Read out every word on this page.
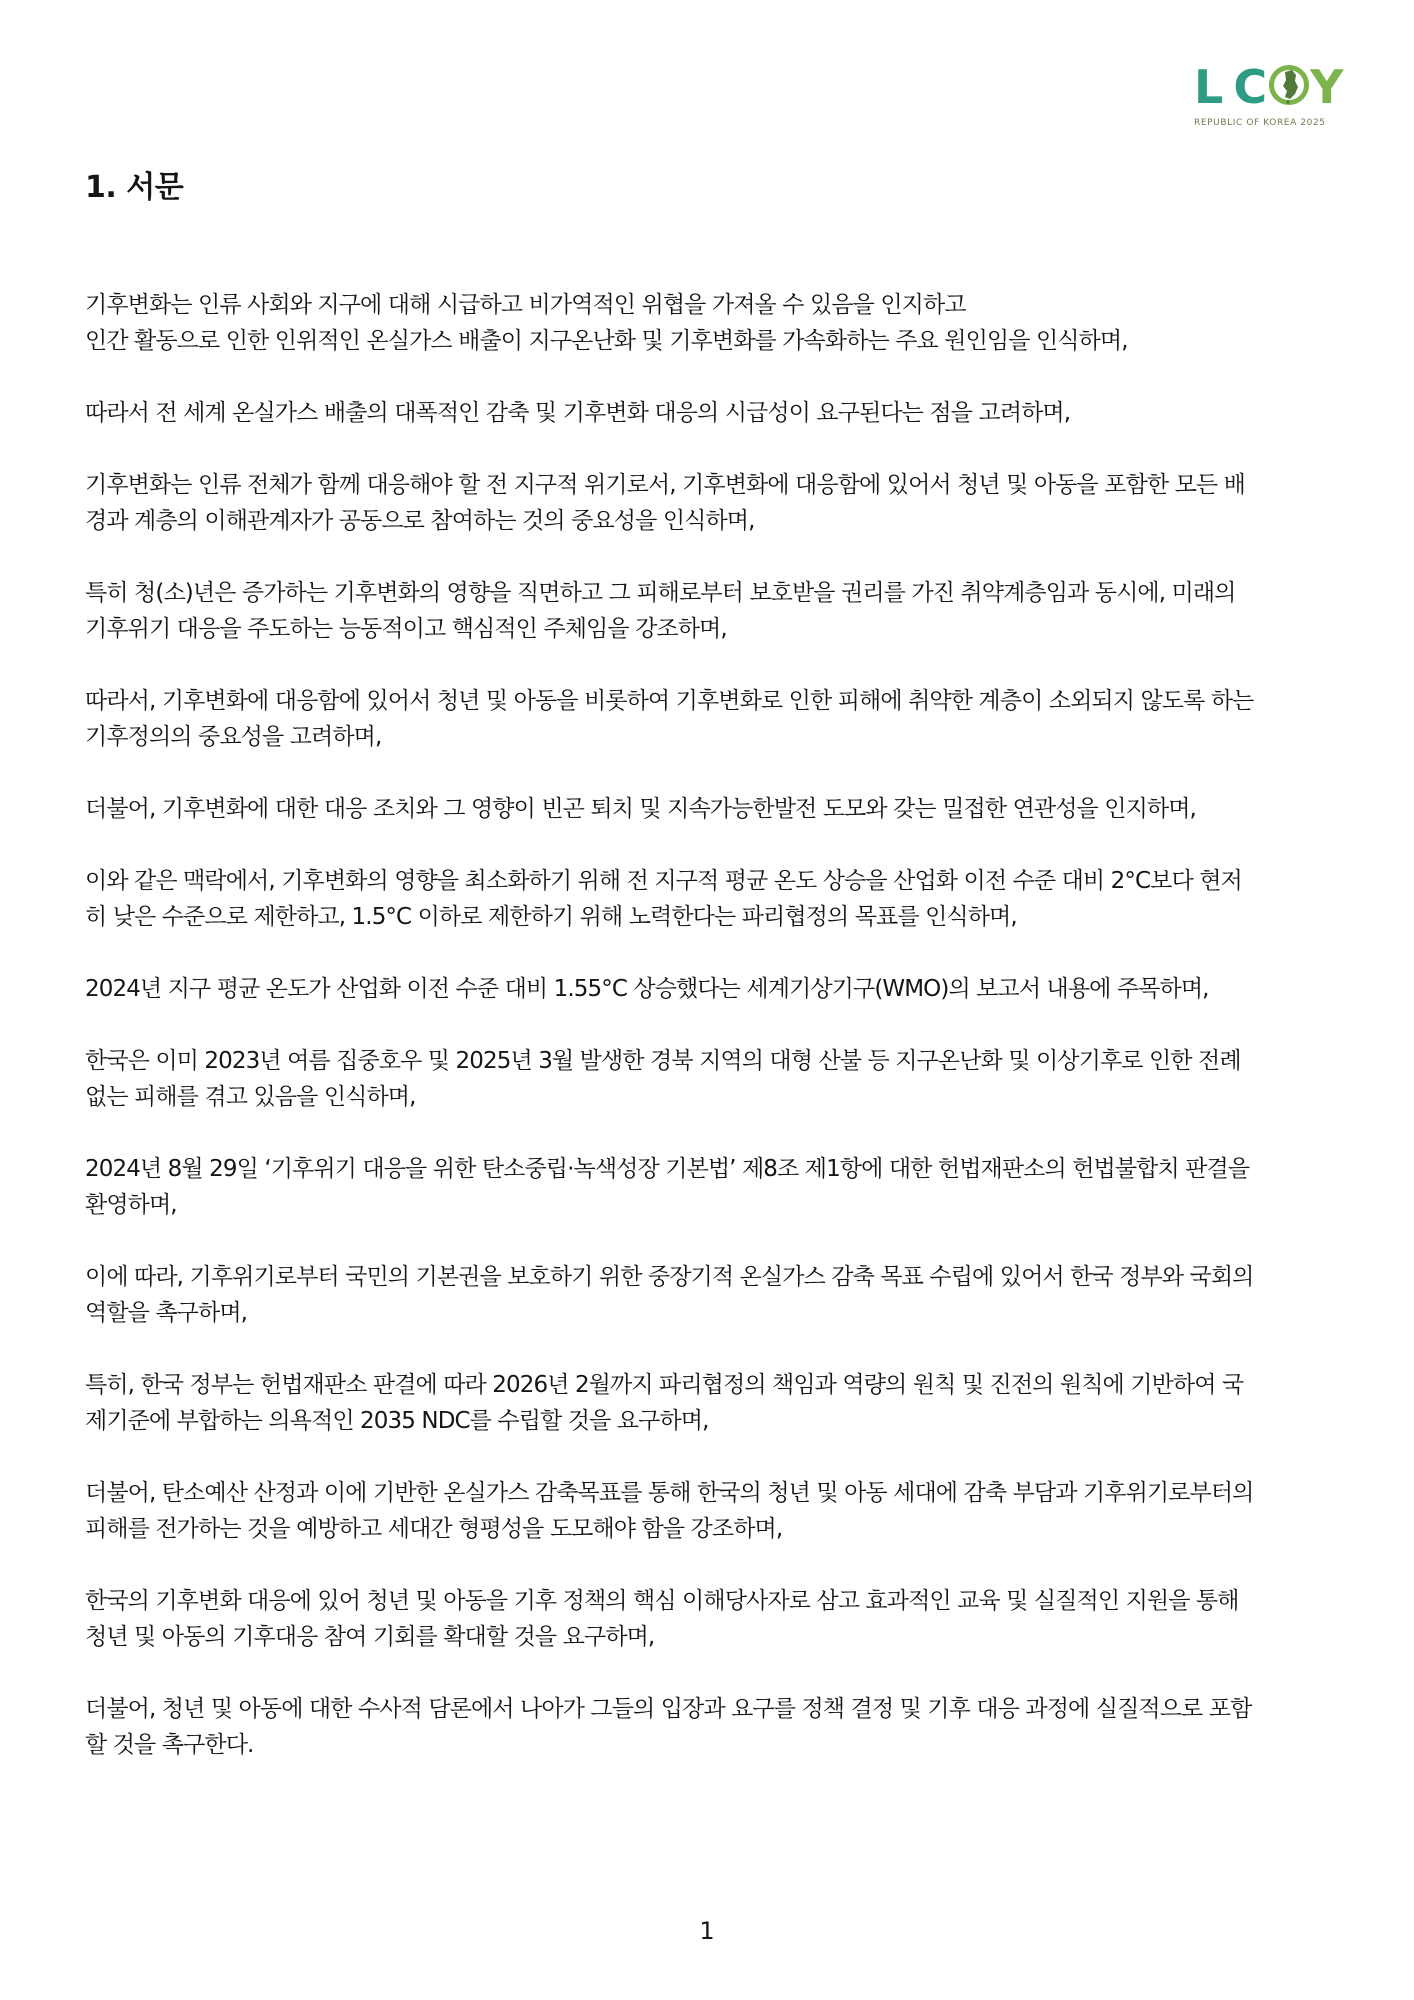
L C Y
REPUBLIC OF KOREA 2025
1. 서문

기후변화는 인류 사회와 지구에 대해 시급하고 비가역적인 위협을 가져올 수 있음을 인지하고
인간 활동으로 인한 인위적인 온실가스 배출이 지구온난화 및 기후변화를 가속화하는 주요 원인임을 인식하며,

따라서 전 세계 온실가스 배출의 대폭적인 감축 및 기후변화 대응의 시급성이 요구된다는 점을 고려하며,

기후변화는 인류 전체가 함께 대응해야 할 전 지구적 위기로서, 기후변화에 대응함에 있어서 청년 및 아동을 포함한 모든 배
경과 계층의 이해관계자가 공동으로 참여하는 것의 중요성을 인식하며,

특히 청(소)년은 증가하는 기후변화의 영향을 직면하고 그 피해로부터 보호받을 권리를 가진 취약계층임과 동시에, 미래의
기후위기 대응을 주도하는 능동적이고 핵심적인 주체임을 강조하며,

따라서, 기후변화에 대응함에 있어서 청년 및 아동을 비롯하여 기후변화로 인한 피해에 취약한 계층이 소외되지 않도록 하는
기후정의의 중요성을 고려하며,

더불어, 기후변화에 대한 대응 조치와 그 영향이 빈곤 퇴치 및 지속가능한발전 도모와 갖는 밀접한 연관성을 인지하며,

이와 같은 맥락에서, 기후변화의 영향을 최소화하기 위해 전 지구적 평균 온도 상승을 산업화 이전 수준 대비 2°C보다 현저
히 낮은 수준으로 제한하고, 1.5°C 이하로 제한하기 위해 노력한다는 파리협정의 목표를 인식하며,

2024년 지구 평균 온도가 산업화 이전 수준 대비 1.55°C 상승했다는 세계기상기구(WMO)의 보고서 내용에 주목하며,

한국은 이미 2023년 여름 집중호우 및 2025년 3월 발생한 경북 지역의 대형 산불 등 지구온난화 및 이상기후로 인한 전례
없는 피해를 겪고 있음을 인식하며,

2024년 8월 29일 ‘기후위기 대응을 위한 탄소중립·녹색성장 기본법’ 제8조 제1항에 대한 헌법재판소의 헌법불합치 판결을
환영하며,

이에 따라, 기후위기로부터 국민의 기본권을 보호하기 위한 중장기적 온실가스 감축 목표 수립에 있어서 한국 정부와 국회의
역할을 촉구하며,

특히, 한국 정부는 헌법재판소 판결에 따라 2026년 2월까지 파리협정의 책임과 역량의 원칙 및 진전의 원칙에 기반하여 국
제기준에 부합하는 의욕적인 2035 NDC를 수립할 것을 요구하며,

더불어, 탄소예산 산정과 이에 기반한 온실가스 감축목표를 통해 한국의 청년 및 아동 세대에 감축 부담과 기후위기로부터의
피해를 전가하는 것을 예방하고 세대간 형평성을 도모해야 함을 강조하며,

한국의 기후변화 대응에 있어 청년 및 아동을 기후 정책의 핵심 이해당사자로 삼고 효과적인 교육 및 실질적인 지원을 통해
청년 및 아동의 기후대응 참여 기회를 확대할 것을 요구하며,

더불어, 청년 및 아동에 대한 수사적 담론에서 나아가 그들의 입장과 요구를 정책 결정 및 기후 대응 과정에 실질적으로 포함
할 것을 촉구한다.

1
